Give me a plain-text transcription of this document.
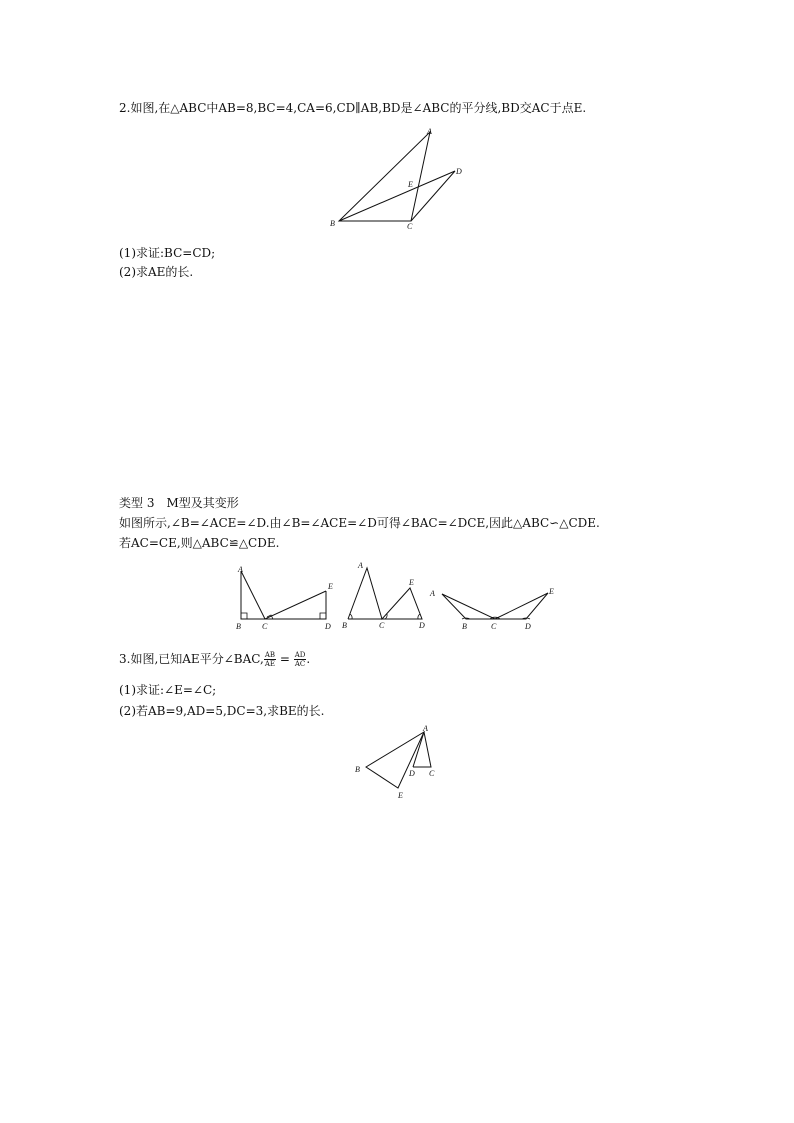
2.如图,在△ABC中AB=8,BC=4,CA=6,CD∥AB,BD是∠ABC的平分线,BD交AC于点E.
A
B	C
D
E
(1)求证:BC=CD;
(2)求AE的长.
类型 3　M型及其变形
如图所示,∠B=∠ACE=∠D.由∠B=∠ACE=∠D可得∠BAC=∠DCE,因此△ABC∽△CDE.
若AC=CE,则△ABC≌△CDE.
A
B	C	D
E
A
B	C	D
E
A
B	C	D
E
3.如图,已知AE平分∠BAC, $\frac{AB}{AE} = \frac{AD}{AC}$ .
(1)求证:∠E=∠C;
(2)若AB=9,AD=5,DC=3,求BE的长.
A
B	C
D
E
